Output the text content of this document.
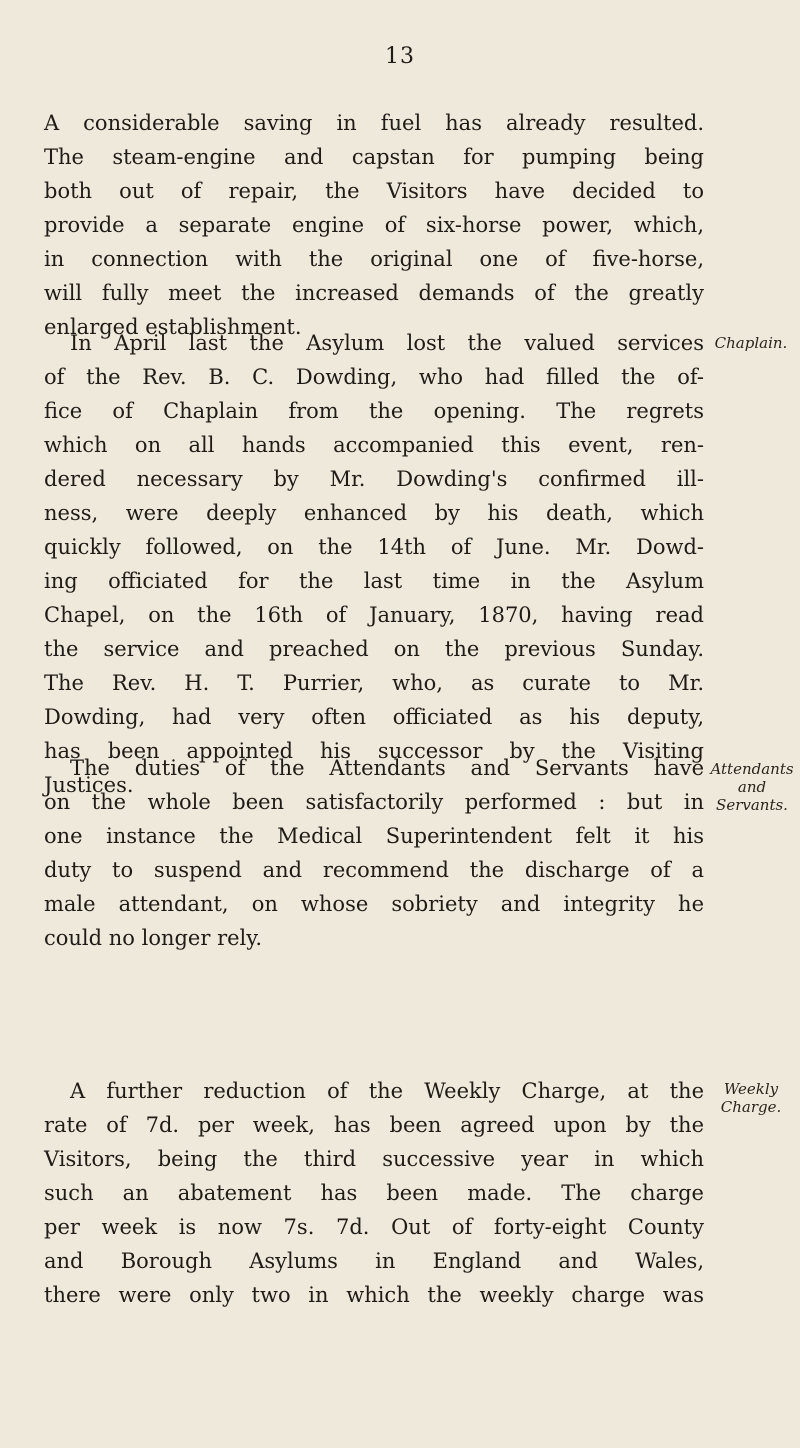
13
A considerable saving in fuel has already resulted.
The steam-engine and capstan for pumping being
both out of repair, the Visitors have decided to
provide a separate engine of six-horse power, which,
in connection with the original one of five-horse,
will fully meet the increased demands of the greatly
enlarged establishment.
In April last the Asylum lost the valued services
of the Rev. B. C. Dowding, who had filled the of-
fice of Chaplain from the opening. The regrets
which on all hands accompanied this event, ren-
dered necessary by Mr. Dowding's confirmed ill-
ness, were deeply enhanced by his death, which
quickly followed, on the 14th of June. Mr. Dowd-
ing officiated for the last time in the Asylum
Chapel, on the 16th of January, 1870, having read
the service and preached on the previous Sunday.
The Rev. H. T. Purrier, who, as curate to Mr.
Dowding, had very often officiated as his deputy,
has been appointed his successor by the Visiting
Justices.
The duties of the Attendants and Servants have
on the whole been satisfactorily performed : but in
one instance the Medical Superintendent felt it his
duty to suspend and recommend the discharge of a
male attendant, on whose sobriety and integrity he
could no longer rely.
A further reduction of the Weekly Charge, at the
rate of 7d. per week, has been agreed upon by the
Visitors, being the third successive year in which
such an abatement has been made. The charge
per week is now 7s. 7d. Out of forty-eight County
and Borough Asylums in England and Wales,
there were only two in which the weekly charge was
Chaplain.
Attendants and
Servants.
Weekly
Charge.
